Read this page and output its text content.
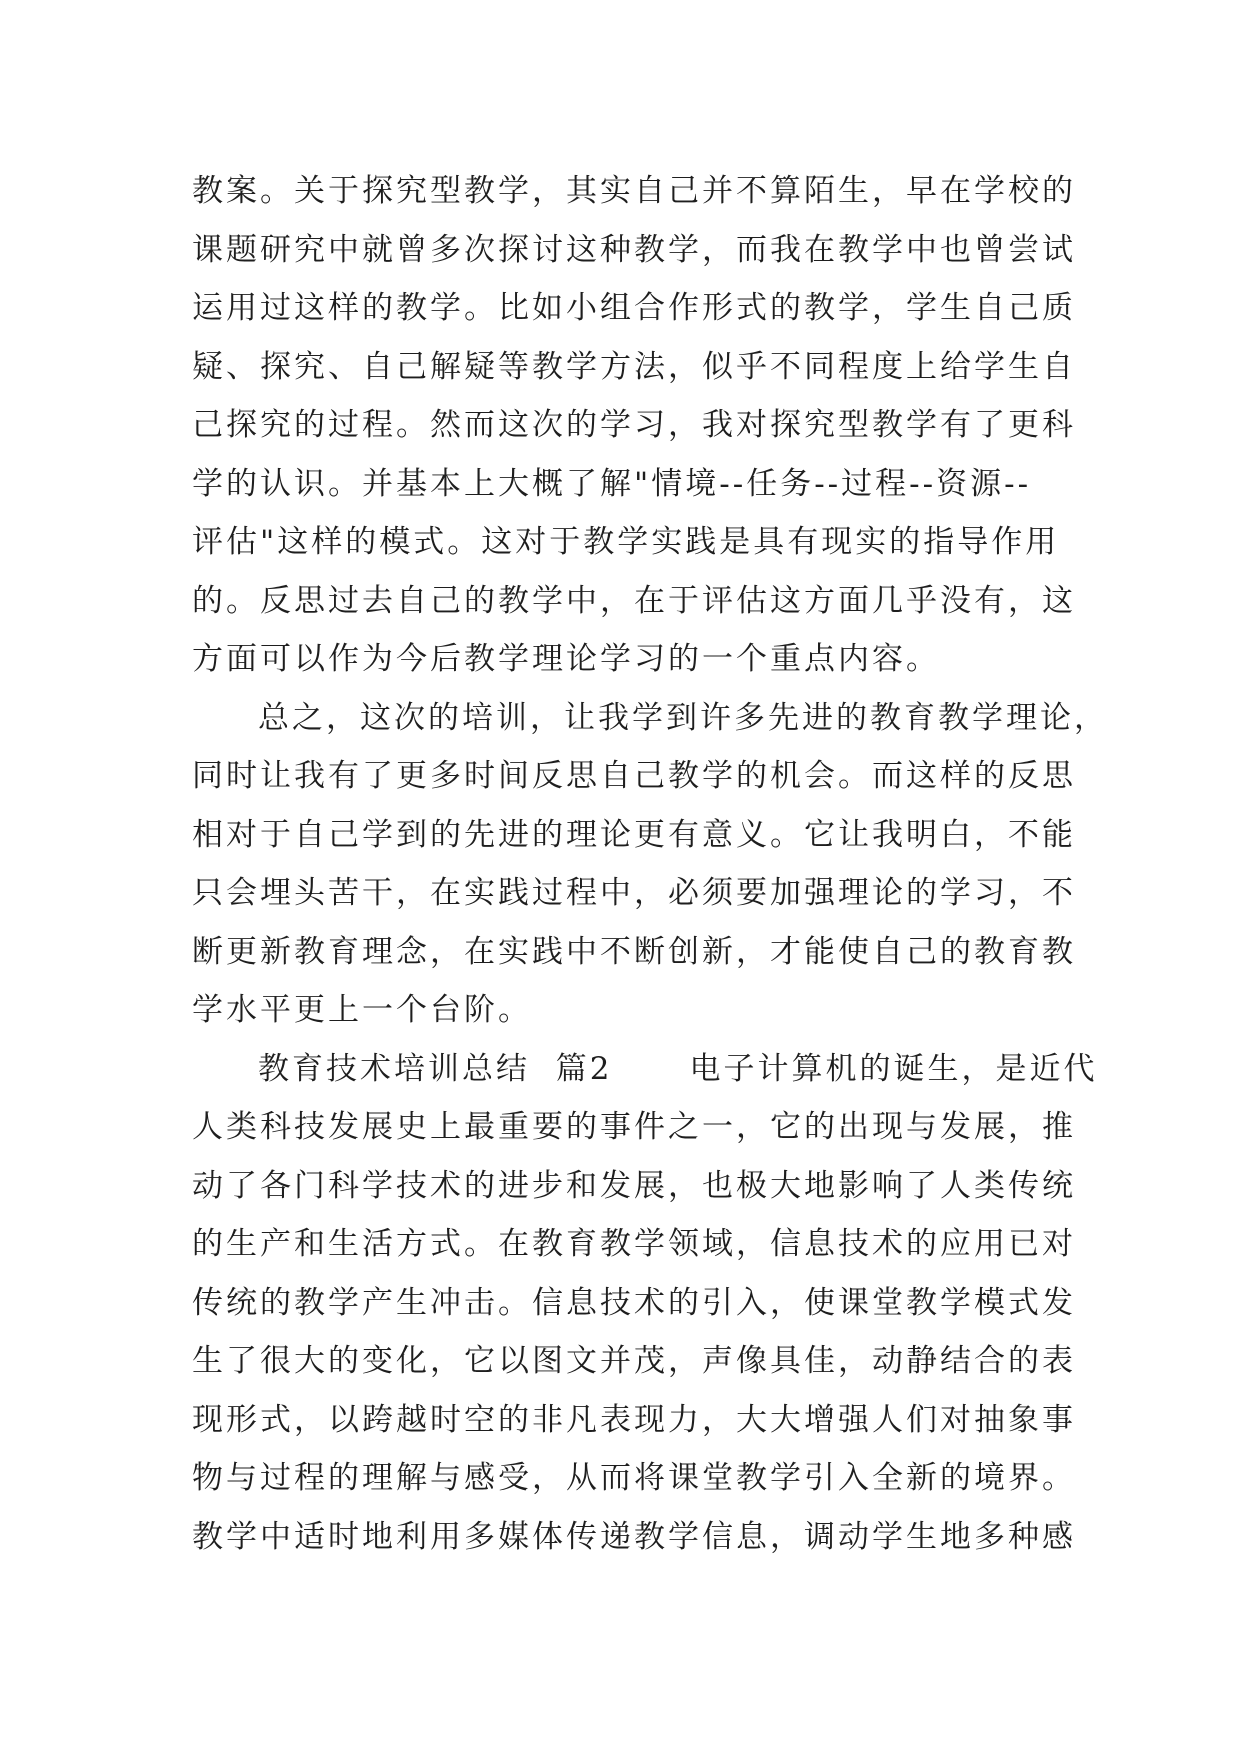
教案。关于探究型教学，其实自己并不算陌生，早在学校的
课题研究中就曾多次探讨这种教学，而我在教学中也曾尝试
运用过这样的教学。比如小组合作形式的教学，学生自己质
疑、探究、自己解疑等教学方法，似乎不同程度上给学生自
己探究的过程。然而这次的学习，我对探究型教学有了更科
学的认识。并基本上大概了解"情境--任务--过程--资源--
评估"这样的模式。这对于教学实践是具有现实的指导作用
的。反思过去自己的教学中，在于评估这方面几乎没有，这
方面可以作为今后教学理论学习的一个重点内容。
总之，这次的培训，让我学到许多先进的教育教学理论，
同时让我有了更多时间反思自己教学的机会。而这样的反思
相对于自己学到的先进的理论更有意义。它让我明白，不能
只会埋头苦干，在实践过程中，必须要加强理论的学习，不
断更新教育理念，在实践中不断创新，才能使自己的教育教
学水平更上一个台阶。
教育技术培训总结  篇2      电子计算机的诞生，是近代
人类科技发展史上最重要的事件之一，它的出现与发展，推
动了各门科学技术的进步和发展，也极大地影响了人类传统
的生产和生活方式。在教育教学领域，信息技术的应用已对
传统的教学产生冲击。信息技术的引入，使课堂教学模式发
生了很大的变化，它以图文并茂，声像具佳，动静结合的表
现形式，以跨越时空的非凡表现力，大大增强人们对抽象事
物与过程的理解与感受，从而将课堂教学引入全新的境界。
教学中适时地利用多媒体传递教学信息，调动学生地多种感
